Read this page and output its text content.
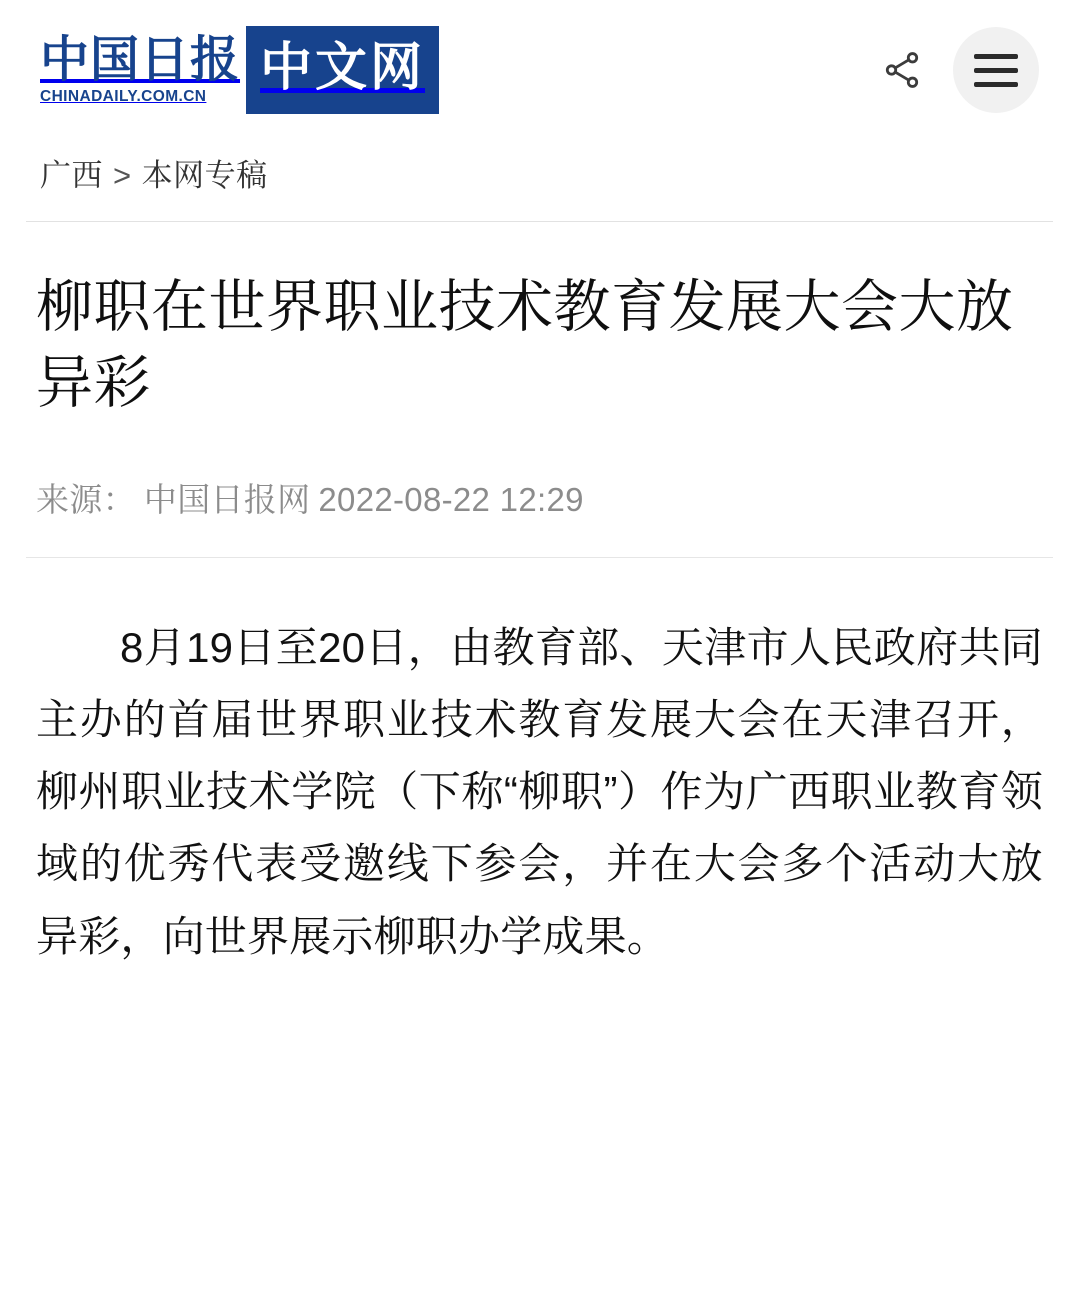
中国日报
CHINADAILY.COM.CN	中文网
广西 > 本网专稿
柳职在世界职业技术教育发展大会大放异彩
来源： 中国日报网 2022-08-22 12:29

8月19日至20日，由教育部、天津市人民政府共同主办的首届世界职业技术教育发展大会在天津召开，柳州职业技术学院（下称“柳职”）作为广西职业教育领域的优秀代表受邀线下参会，并在大会多个活动大放异彩，向世界展示柳职办学成果。
